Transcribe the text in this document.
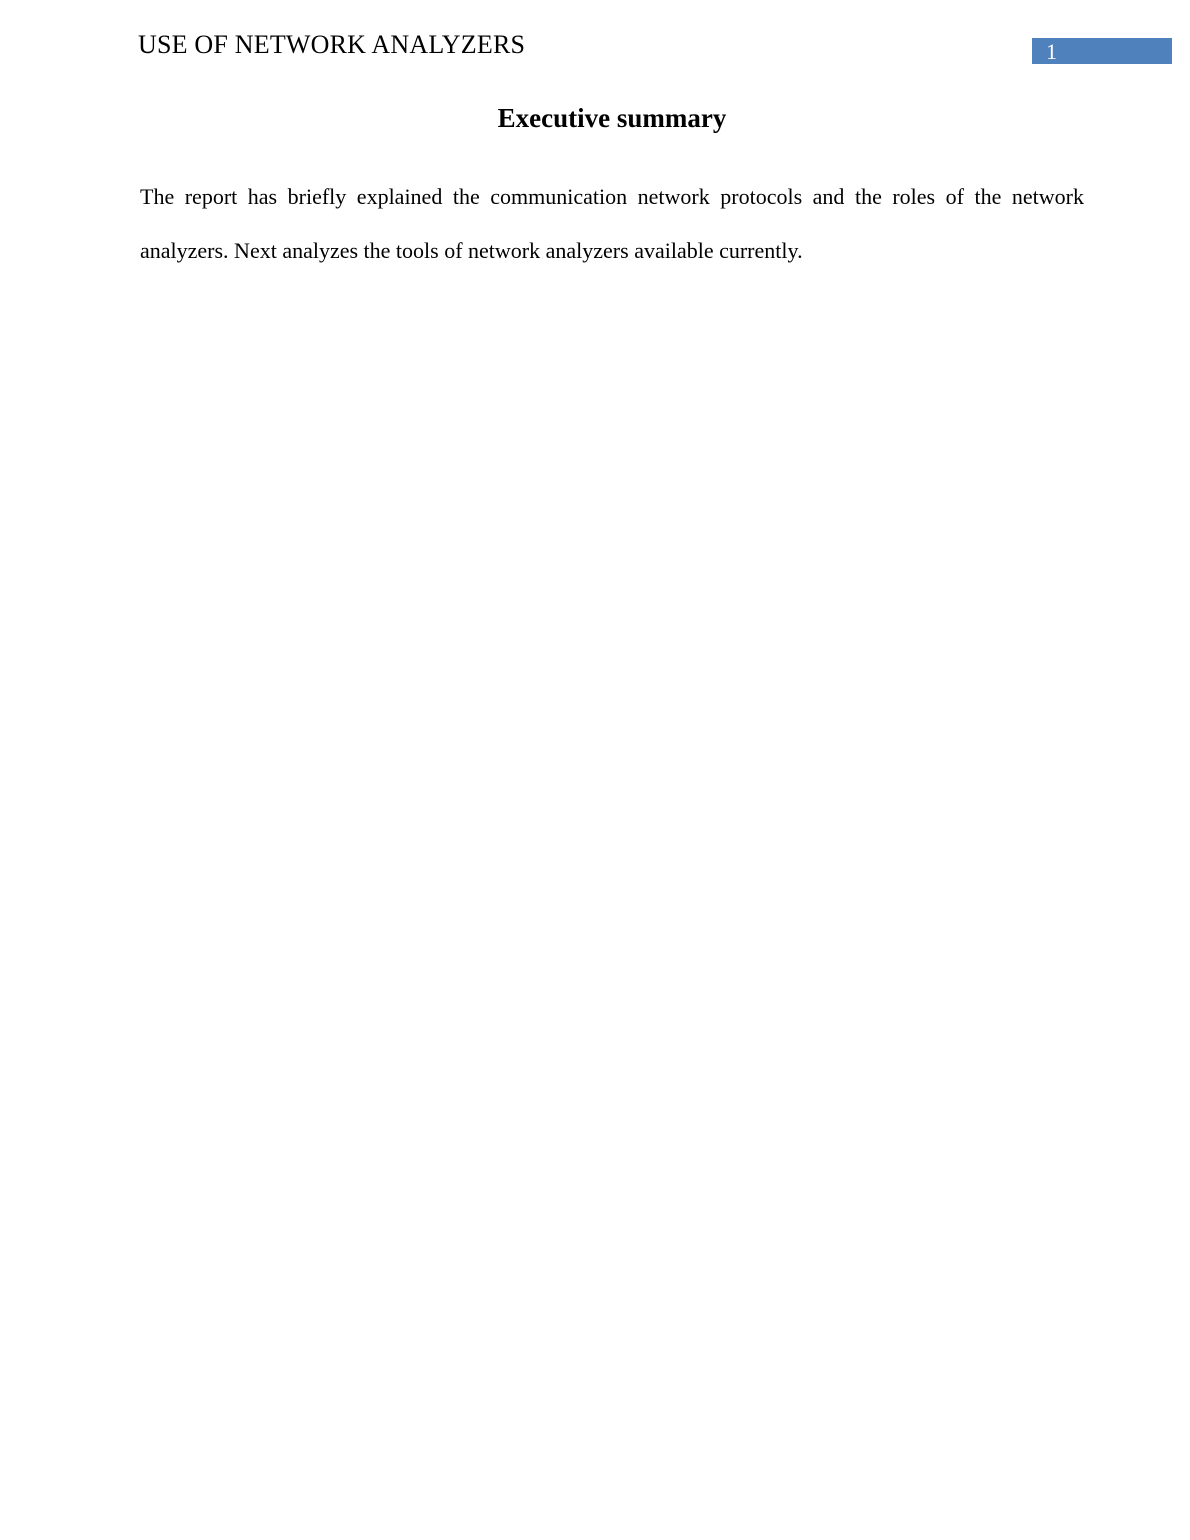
USE OF NETWORK ANALYZERS	1
Executive summary

The report has briefly explained the communication network protocols and the roles of the network analyzers. Next analyzes the tools of network analyzers available currently.
